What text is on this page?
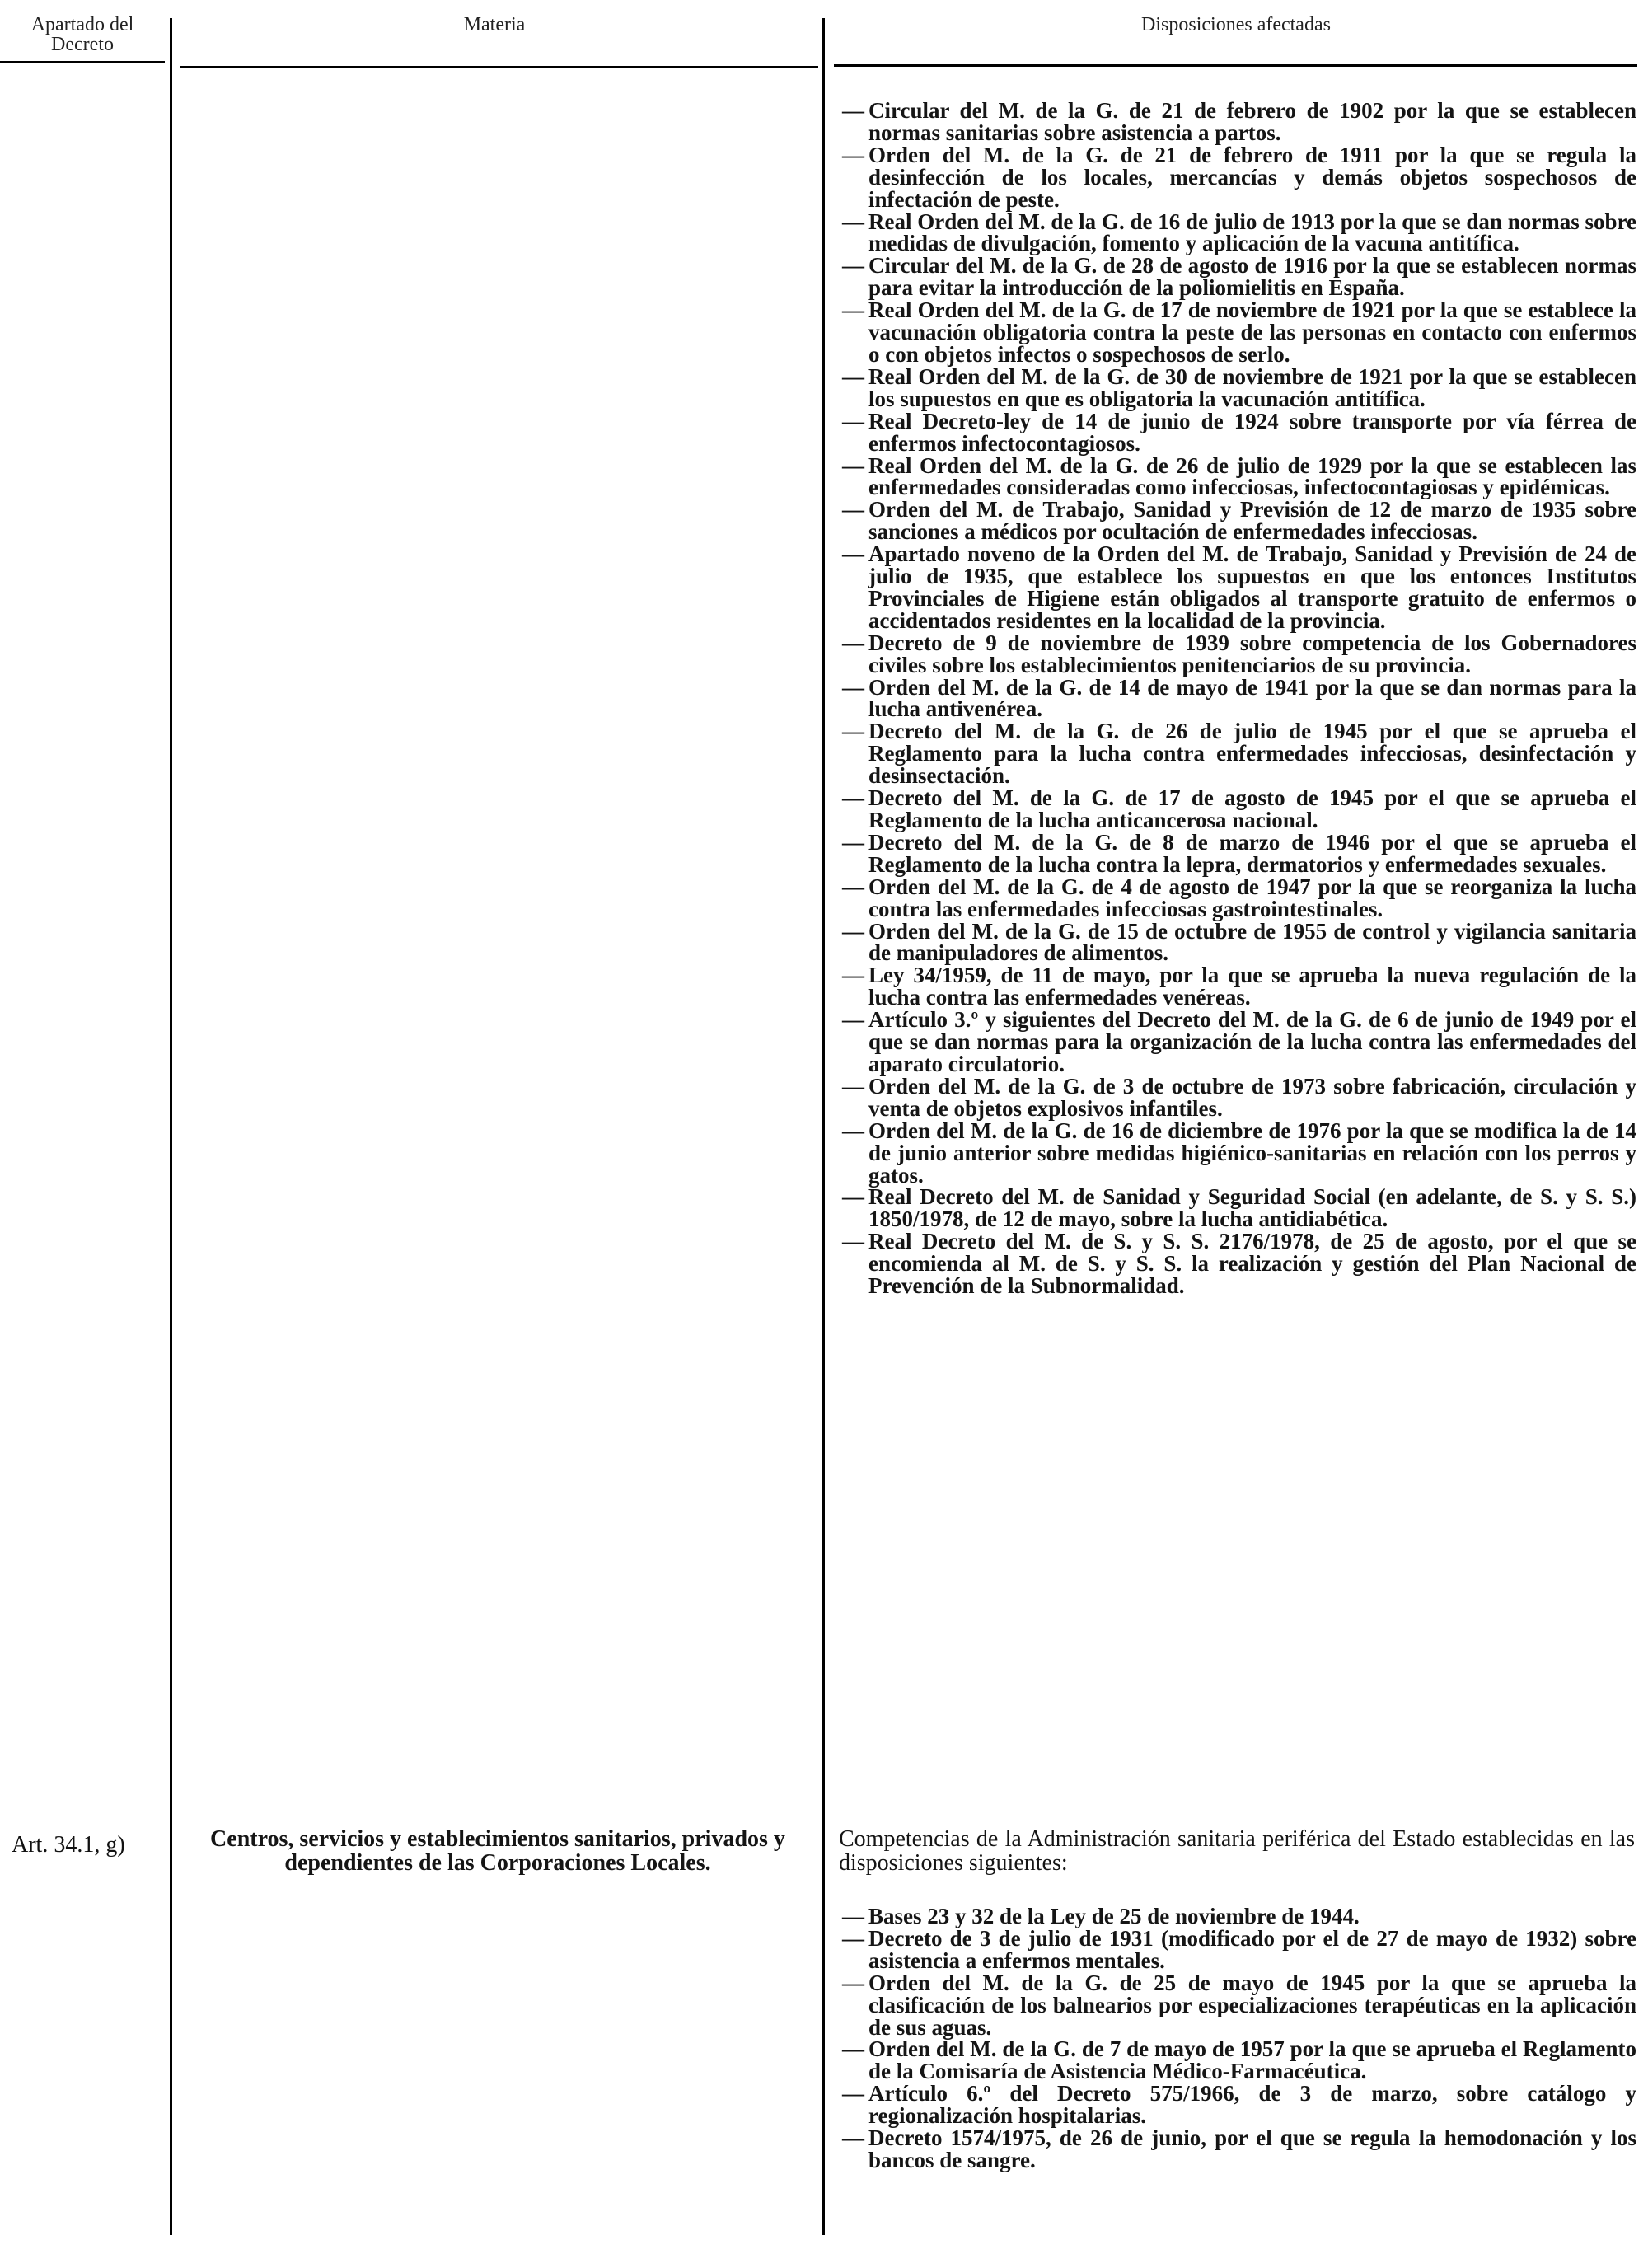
Apartado del Decreto
Materia	Disposiciones afectadas
— Circular del M. de la G. de 21 de febrero de 1902 por la que se establecen normas sanitarias sobre asistencia a partos.
— Orden del M. de la G. de 21 de febrero de 1911 por la que se regula la desinfección de los locales, mercancías y demás objetos sospechosos de infectación de peste.
— Real Orden del M. de la G. de 16 de julio de 1913 por la que se dan normas sobre medidas de divulgación, fomento y aplicación de la vacuna antitífica.
— Circular del M. de la G. de 28 de agosto de 1916 por la que se establecen normas para evitar la introducción de la poliomielitis en España.
— Real Orden del M. de la G. de 17 de noviembre de 1921 por la que se establece la vacunación obligatoria contra la peste de las personas en contacto con enfermos o con objetos infectos o sospechosos de serlo.
— Real Orden del M. de la G. de 30 de noviembre de 1921 por la que se establecen los supuestos en que es obligatoria la vacunación antitífica.
— Real Decreto-ley de 14 de junio de 1924 sobre transporte por vía férrea de enfermos infectocontagiosos.
— Real Orden del M. de la G. de 26 de julio de 1929 por la que se establecen las enfermedades consideradas como infecciosas, infectocontagiosas y epidémicas.
— Orden del M. de Trabajo, Sanidad y Previsión de 12 de marzo de 1935 sobre sanciones a médicos por ocultación de enfermedades infecciosas.
— Apartado noveno de la Orden del M. de Trabajo, Sanidad y Previsión de 24 de julio de 1935, que establece los supuestos en que los entonces Institutos Provinciales de Higiene están obligados al transporte gratuito de enfermos o accidentados residentes en la localidad de la provincia.
— Decreto de 9 de noviembre de 1939 sobre competencia de los Gobernadores civiles sobre los establecimientos penitenciarios de su provincia.
— Orden del M. de la G. de 14 de mayo de 1941 por la que se dan normas para la lucha antivenérea.
— Decreto del M. de la G. de 26 de julio de 1945 por el que se aprueba el Reglamento para la lucha contra enfermedades infecciosas, desinfectación y desinsectación.
— Decreto del M. de la G. de 17 de agosto de 1945 por el que se aprueba el Reglamento de la lucha anticancerosa nacional.
— Decreto del M. de la G. de 8 de marzo de 1946 por el que se aprueba el Reglamento de la lucha contra la lepra, dermatorios y enfermedades sexuales.
— Orden del M. de la G. de 4 de agosto de 1947 por la que se reorganiza la lucha contra las enfermedades infecciosas gastrointestinales.
— Orden del M. de la G. de 15 de octubre de 1955 de control y vigilancia sanitaria de manipuladores de alimentos.
— Ley 34/1959, de 11 de mayo, por la que se aprueba la nueva regulación de la lucha contra las enfermedades venéreas.
— Artículo 3.º y siguientes del Decreto del M. de la G. de 6 de junio de 1949 por el que se dan normas para la organización de la lucha contra las enfermedades del aparato circulatorio.
— Orden del M. de la G. de 3 de octubre de 1973 sobre fabricación, circulación y venta de objetos explosivos infantiles.
— Orden del M. de la G. de 16 de diciembre de 1976 por la que se modifica la de 14 de junio anterior sobre medidas higiénico-sanitarias en relación con los perros y gatos.
— Real Decreto del M. de Sanidad y Seguridad Social (en adelante, de S. y S. S.) 1850/1978, de 12 de mayo, sobre la lucha antidiabética.
— Real Decreto del M. de S. y S. S. 2176/1978, de 25 de agosto, por el que se encomienda al M. de S. y S. S. la realización y gestión del Plan Nacional de Prevención de la Subnormalidad.
Art. 34.1, g)	Centros, servicios y establecimientos sanitarios, privados y dependientes de las Corporaciones Locales.
Competencias de la Administración sanitaria periférica del Estado establecidas en las disposiciones siguientes:
— Bases 23 y 32 de la Ley de 25 de noviembre de 1944.
— Decreto de 3 de julio de 1931 (modificado por el de 27 de mayo de 1932) sobre asistencia a enfermos mentales.
— Orden del M. de la G. de 25 de mayo de 1945 por la que se aprueba la clasificación de los balnearios por especializaciones terapéuticas en la aplicación de sus aguas.
— Orden del M. de la G. de 7 de mayo de 1957 por la que se aprueba el Reglamento de la Comisaría de Asistencia Médico-Farmacéutica.
— Artículo 6.º del Decreto 575/1966, de 3 de marzo, sobre catálogo y regionalización hospitalarias.
— Decreto 1574/1975, de 26 de junio, por el que se regula la hemodonación y los bancos de sangre.
